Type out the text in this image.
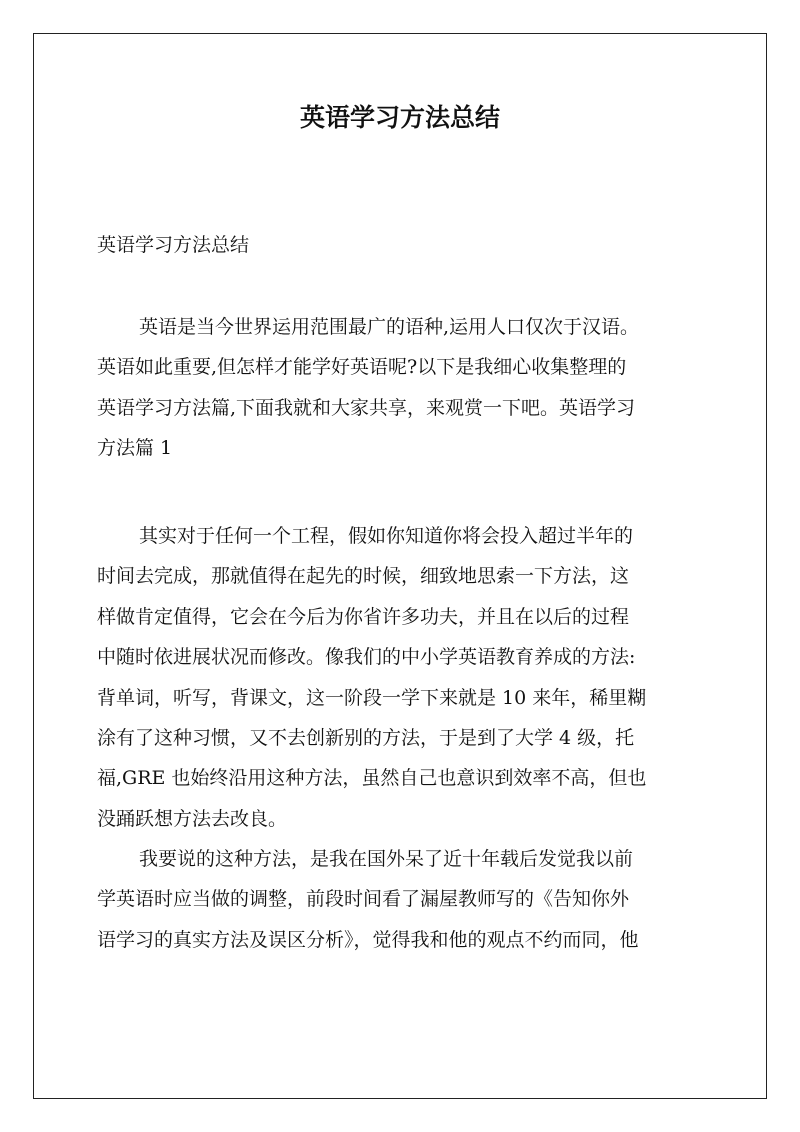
英语学习方法总结

英语学习方法总结

英语是当今世界运用范围最广的语种,运用人口仅次于汉语。
英语如此重要,但怎样才能学好英语呢?以下是我细心收集整理的
英语学习方法篇,下面我就和大家共享，来观赏一下吧。英语学习
方法篇 1

其实对于任何一个工程，假如你知道你将会投入超过半年的
时间去完成，那就值得在起先的时候，细致地思索一下方法，这
样做肯定值得，它会在今后为你省许多功夫，并且在以后的过程
中随时依进展状况而修改。像我们的中小学英语教育养成的方法:
背单词，听写，背课文，这一阶段一学下来就是 10 来年，稀里糊
涂有了这种习惯，又不去创新别的方法，于是到了大学 4 级，托
福,GRE 也始终沿用这种方法，虽然自己也意识到效率不高，但也
没踊跃想方法去改良。

我要说的这种方法，是我在国外呆了近十年载后发觉我以前
学英语时应当做的调整，前段时间看了漏屋教师写的《告知你外
语学习的真实方法及误区分析》，觉得我和他的观点不约而同，他
